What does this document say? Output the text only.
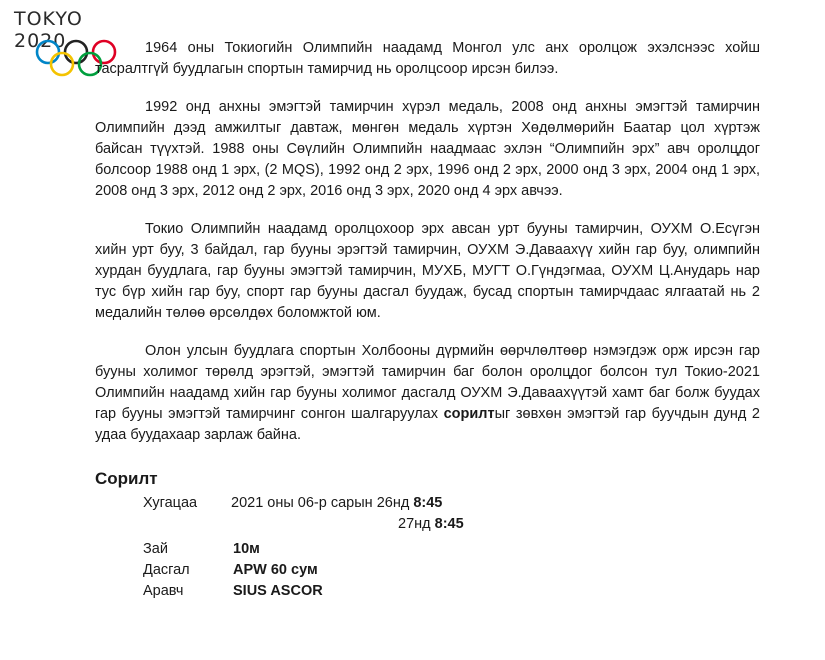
TOKYO 2020	1964 оны Токиогийн Олимпийн наадамд Монгол улс анх оролцож эхэлснээс хойш тасралтгүй буудлагын спортын тамирчид нь оролцсоор ирсэн билээ.

1992 онд анхны эмэгтэй тамирчин хүрэл медаль, 2008 онд анхны эмэгтэй тамирчин Олимпийн дээд амжилтыг давтаж, мөнгөн медаль хүртэн Хөдөлмөрийн Баатар цол хүртэж байсан түүхтэй. 1988 оны Сөүлийн Олимпийн наадмаас эхлэн “Олимпийн эрх” авч оролцдог болсоор 1988 онд 1 эрх, (2 MQS), 1992 онд 2 эрх, 1996 онд 2 эрх, 2000 онд 3 эрх, 2004 онд 1 эрх, 2008 онд 3 эрх, 2012 онд 2 эрх, 2016 онд 3 эрх, 2020 онд 4 эрх авчээ.

Токио Олимпийн наадамд оролцохоор эрх авсан урт бууны тамирчин, ОУХМ О.Есүгэн хийн урт буу, 3 байдал, гар бууны эрэгтэй тамирчин, ОУХМ Э.Даваахүү хийн гар буу, олимпийн хурдан буудлага, гар бууны эмэгтэй тамирчин, МУХБ, МУГТ О.Гүндэгмаа, ОУХМ Ц.Анударь нар тус бүр хийн гар буу, спорт гар бууны дасгал буудаж, бусад спортын тамирчдаас ялгаатай нь 2 медалийн төлөө өрсөлдөх боломжтой юм.

Олон улсын буудлага спортын Холбооны дүрмийн өөрчлөлтөөр нэмэгдэж орж ирсэн гар бууны холимог төрөлд эрэгтэй, эмэгтэй тамирчин баг болон оролцдог болсон тул Токио-2021 Олимпийн наадамд хийн гар бууны холимог дасгалд ОУХМ Э.Даваахүүтэй хамт баг болж буудах гар бууны эмэгтэй тамирчинг сонгон шалгаруулах сорилтыг зөвхөн эмэгтэй гар буучдын дунд 2 удаа буудахаар зарлаж байна.

Сорилт
Хугацаа 2021 оны 06-р сарын 26нд 8:45
27нд 8:45
Зай	10м
Дасгал	APW 60 сум
Аравч	SIUS ASCOR
